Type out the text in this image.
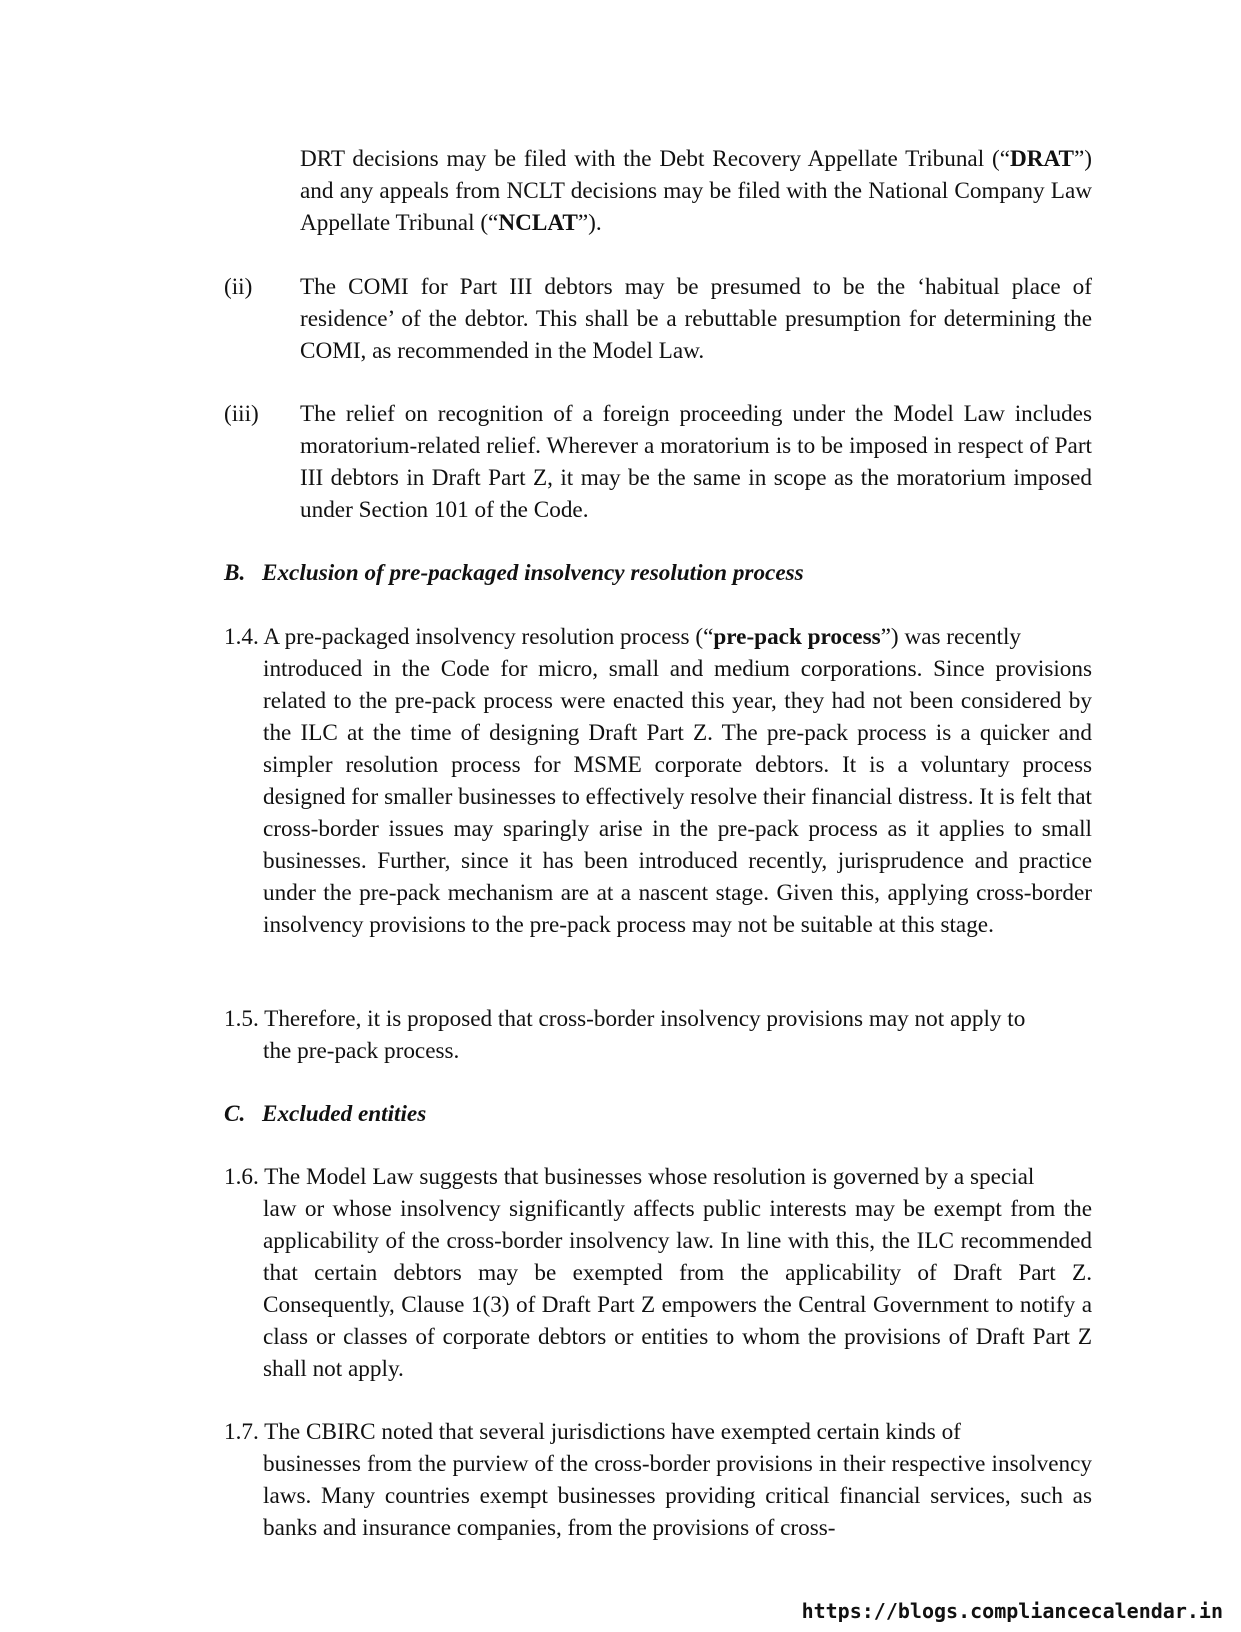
DRT decisions may be filed with the Debt Recovery Appellate Tribunal (“DRAT”) and any appeals from NCLT decisions may be filed with the National Company Law Appellate Tribunal (“NCLAT”).
(ii) The COMI for Part III debtors may be presumed to be the ‘habitual place of residence’ of the debtor. This shall be a rebuttable presumption for determining the COMI, as recommended in the Model Law.
(iii) The relief on recognition of a foreign proceeding under the Model Law includes moratorium-related relief. Wherever a moratorium is to be imposed in respect of Part III debtors in Draft Part Z, it may be the same in scope as the moratorium imposed under Section 101 of the Code.
B. Exclusion of pre-packaged insolvency resolution process
1.4. A pre-packaged insolvency resolution process (“pre-pack process”) was recently
introduced in the Code for micro, small and medium corporations. Since provisions related to the pre-pack process were enacted this year, they had not been considered by the ILC at the time of designing Draft Part Z. The pre-pack process is a quicker and simpler resolution process for MSME corporate debtors. It is a voluntary process designed for smaller businesses to effectively resolve their financial distress. It is felt that cross-border issues may sparingly arise in the pre-pack process as it applies to small businesses. Further, since it has been introduced recently, jurisprudence and practice under the pre-pack mechanism are at a nascent stage. Given this, applying cross-border insolvency provisions to the pre-pack process may not be suitable at this stage.
1.5. Therefore, it is proposed that cross-border insolvency provisions may not apply to
the pre-pack process.
C. Excluded entities
1.6. The Model Law suggests that businesses whose resolution is governed by a special
law or whose insolvency significantly affects public interests may be exempt from the applicability of the cross-border insolvency law. In line with this, the ILC recommended that certain debtors may be exempted from the applicability of Draft Part Z. Consequently, Clause 1(3) of Draft Part Z empowers the Central Government to notify a class or classes of corporate debtors or entities to whom the provisions of Draft Part Z shall not apply.
1.7. The CBIRC noted that several jurisdictions have exempted certain kinds of
businesses from the purview of the cross-border provisions in their respective insolvency laws. Many countries exempt businesses providing critical financial services, such as banks and insurance companies, from the provisions of cross-
https://blogs.compliancecalendar.in
